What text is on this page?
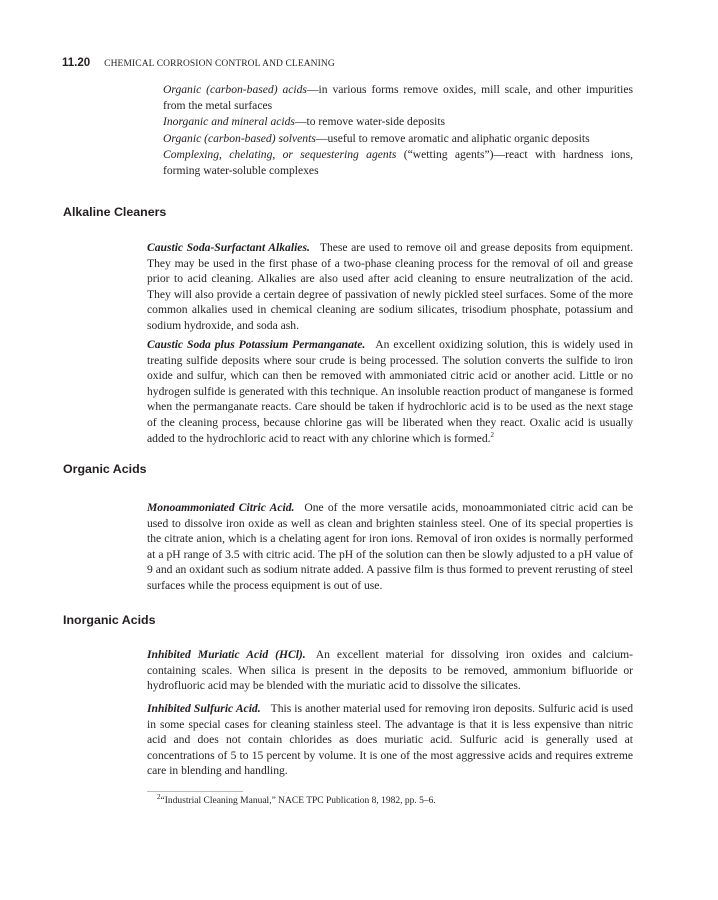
11.20 CHEMICAL CORROSION CONTROL AND CLEANING

Organic (carbon-based) acids—in various forms remove oxides, mill scale, and other impurities from the metal surfaces

Inorganic and mineral acids—to remove water-side deposits

Organic (carbon-based) solvents—useful to remove aromatic and aliphatic organic deposits

Complexing, chelating, or sequestering agents (“wetting agents”)—react with hardness ions, forming water-soluble complexes

Alkaline Cleaners

Caustic Soda-Surfactant Alkalies. These are used to remove oil and grease deposits from equipment. They may be used in the first phase of a two-phase cleaning process for the removal of oil and grease prior to acid cleaning. Alkalies are also used after acid cleaning to ensure neutralization of the acid. They will also provide a certain degree of passivation of newly pickled steel surfaces. Some of the more common alkalies used in chemical cleaning are sodium silicates, trisodium phosphate, potassium and sodium hydroxide, and soda ash.

Caustic Soda plus Potassium Permanganate. An excellent oxidizing solution, this is widely used in treating sulfide deposits where sour crude is being processed. The solution converts the sulfide to iron oxide and sulfur, which can then be removed with ammoniated citric acid or another acid. Little or no hydrogen sulfide is generated with this technique. An insoluble reaction product of manganese is formed when the permanganate reacts. Care should be taken if hydrochloric acid is to be used as the next stage of the cleaning process, because chlorine gas will be liberated when they react. Oxalic acid is usually added to the hydrochloric acid to react with any chlorine which is formed.$^2$

Organic Acids

Monoammoniated Citric Acid. One of the more versatile acids, monoammoniated citric acid can be used to dissolve iron oxide as well as clean and brighten stainless steel. One of its special properties is the citrate anion, which is a chelating agent for iron ions. Removal of iron oxides is normally performed at a pH range of 3.5 with citric acid. The pH of the solution can then be slowly adjusted to a pH value of 9 and an oxidant such as sodium nitrate added. A passive film is thus formed to prevent rerusting of steel surfaces while the process equipment is out of use.

Inorganic Acids

Inhibited Muriatic Acid (HCl). An excellent material for dissolving iron oxides and calcium-containing scales. When silica is present in the deposits to be removed, ammonium bifluoride or hydrofluoric acid may be blended with the muriatic acid to dissolve the silicates.

Inhibited Sulfuric Acid. This is another material used for removing iron deposits. Sulfuric acid is used in some special cases for cleaning stainless steel. The advantage is that it is less expensive than nitric acid and does not contain chlorides as does muriatic acid. Sulfuric acid is generally used at concentrations of 5 to 15 percent by volume. It is one of the most aggressive acids and requires extreme care in blending and handling.

$^2$“Industrial Cleaning Manual,” NACE TPC Publication 8, 1982, pp. 5–6.
